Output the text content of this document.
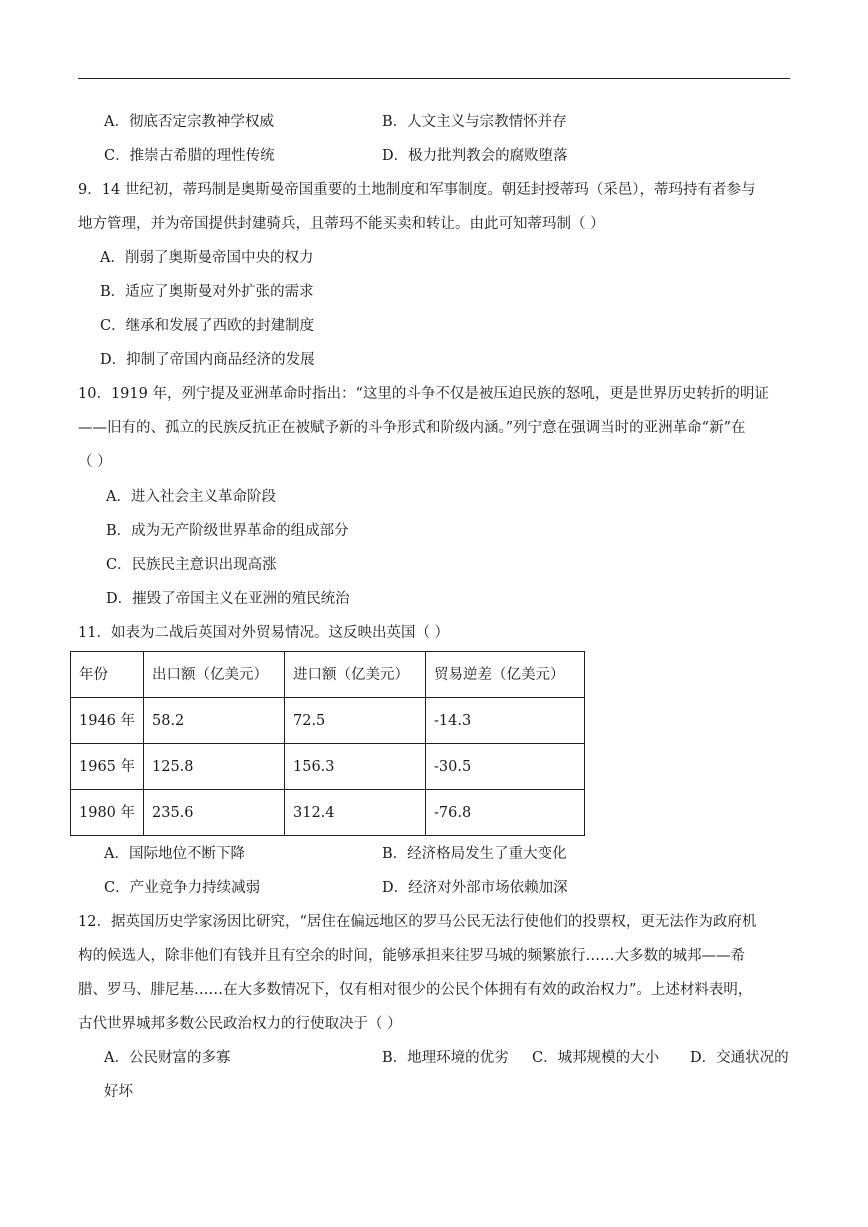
A．彻底否定宗教神学权威	B．人文主义与宗教情怀并存
C．推崇古希腊的理性传统	D．极力批判教会的腐败堕落
9．14 世纪初，蒂玛制是奥斯曼帝国重要的土地制度和军事制度。朝廷封授蒂玛（采邑），蒂玛持有者参与
地方管理，并为帝国提供封建骑兵，且蒂玛不能买卖和转让。由此可知蒂玛制（ ）
A．削弱了奥斯曼帝国中央的权力
B．适应了奥斯曼对外扩张的需求
C．继承和发展了西欧的封建制度
D．抑制了帝国内商品经济的发展
10．1919 年，列宁提及亚洲革命时指出：“这里的斗争不仅是被压迫民族的怒吼，更是世界历史转折的明证
——旧有的、孤立的民族反抗正在被赋予新的斗争形式和阶级内涵。”列宁意在强调当时的亚洲革命“新”在
（ ）
A．进入社会主义革命阶段
B．成为无产阶级世界革命的组成部分
C．民族民主意识出现高涨
D．摧毁了帝国主义在亚洲的殖民统治
11．如表为二战后英国对外贸易情况。这反映出英国（ ）
年份	出口额（亿美元）	进口额（亿美元）	贸易逆差（亿美元）
1946 年	58.2	72.5	-14.3
1965 年	125.8	156.3	-30.5
1980 年	235.6	312.4	-76.8
A．国际地位不断下降	B．经济格局发生了重大变化
C．产业竞争力持续减弱	D．经济对外部市场依赖加深
12．据英国历史学家汤因比研究，“居住在偏远地区的罗马公民无法行使他们的投票权，更无法作为政府机
构的候选人，除非他们有钱并且有空余的时间，能够承担来往罗马城的频繁旅行……大多数的城邦——希
腊、罗马、腓尼基……在大多数情况下，仅有相对很少的公民个体拥有有效的政治权力”。上述材料表明，
古代世界城邦多数公民政治权力的行使取决于（ ）
A．公民财富的多寡	B．地理环境的优劣 C．城邦规模的大小 D．交通状况的
好坏
